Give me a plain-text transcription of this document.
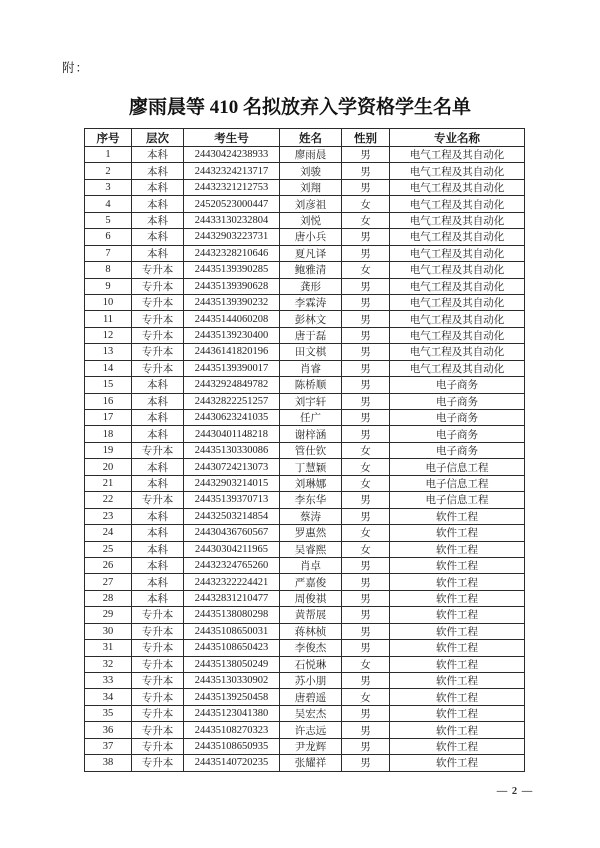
附：
廖雨晨等 410 名拟放弃入学资格学生名单
序号	层次	考生号	姓名	性别	专业名称
1	本科	24430424238933	廖雨晨	男	电气工程及其自动化
2	本科	24432324213717	刘骏	男	电气工程及其自动化
3	本科	24432321212753	刘翔	男	电气工程及其自动化
4	本科	24520523000447	刘彦祖	女	电气工程及其自动化
5	本科	24433130232804	刘悦	女	电气工程及其自动化
6	本科	24432903223731	唐小兵	男	电气工程及其自动化
7	本科	24432328210646	夏凡译	男	电气工程及其自动化
8	专升本	24435139390285	鲍雅清	女	电气工程及其自动化
9	专升本	24435139390628	龚形	男	电气工程及其自动化
10	专升本	24435139390232	李霖涛	男	电气工程及其自动化
11	专升本	24435144060208	彭林文	男	电气工程及其自动化
12	专升本	24435139230400	唐于磊	男	电气工程及其自动化
13	专升本	24436141820196	田文棋	男	电气工程及其自动化
14	专升本	24435139390017	肖睿	男	电气工程及其自动化
15	本科	24432924849782	陈桥顺	男	电子商务
16	本科	24432822251257	刘宇轩	男	电子商务
17	本科	24430623241035	任广	男	电子商务
18	本科	24430401148218	谢梓涵	男	电子商务
19	专升本	24435130330086	管仕钦	女	电子商务
20	本科	24430724213073	丁慧颖	女	电子信息工程
21	本科	24432903214015	刘琳娜	女	电子信息工程
22	专升本	24435139370713	李东华	男	电子信息工程
23	本科	24432503214854	蔡涛	男	软件工程
24	本科	24430436760567	罗惠然	女	软件工程
25	本科	24430304211965	吴睿熙	女	软件工程
26	本科	24432324765260	肖卓	男	软件工程
27	本科	24432322224421	严嘉俊	男	软件工程
28	本科	24432831210477	周俊祺	男	软件工程
29	专升本	24435138080298	黄帮展	男	软件工程
30	专升本	24435108650031	蒋林桢	男	软件工程
31	专升本	24435108650423	李俊杰	男	软件工程
32	专升本	24435138050249	石悦琳	女	软件工程
33	专升本	24435130330902	苏小朋	男	软件工程
34	专升本	24435139250458	唐碧遥	女	软件工程
35	专升本	24435123041380	吴宏杰	男	软件工程
36	专升本	24435108270323	许志远	男	软件工程
37	专升本	24435108650935	尹龙辉	男	软件工程
38	专升本	24435140720235	张耀祥	男	软件工程
— 2 —
